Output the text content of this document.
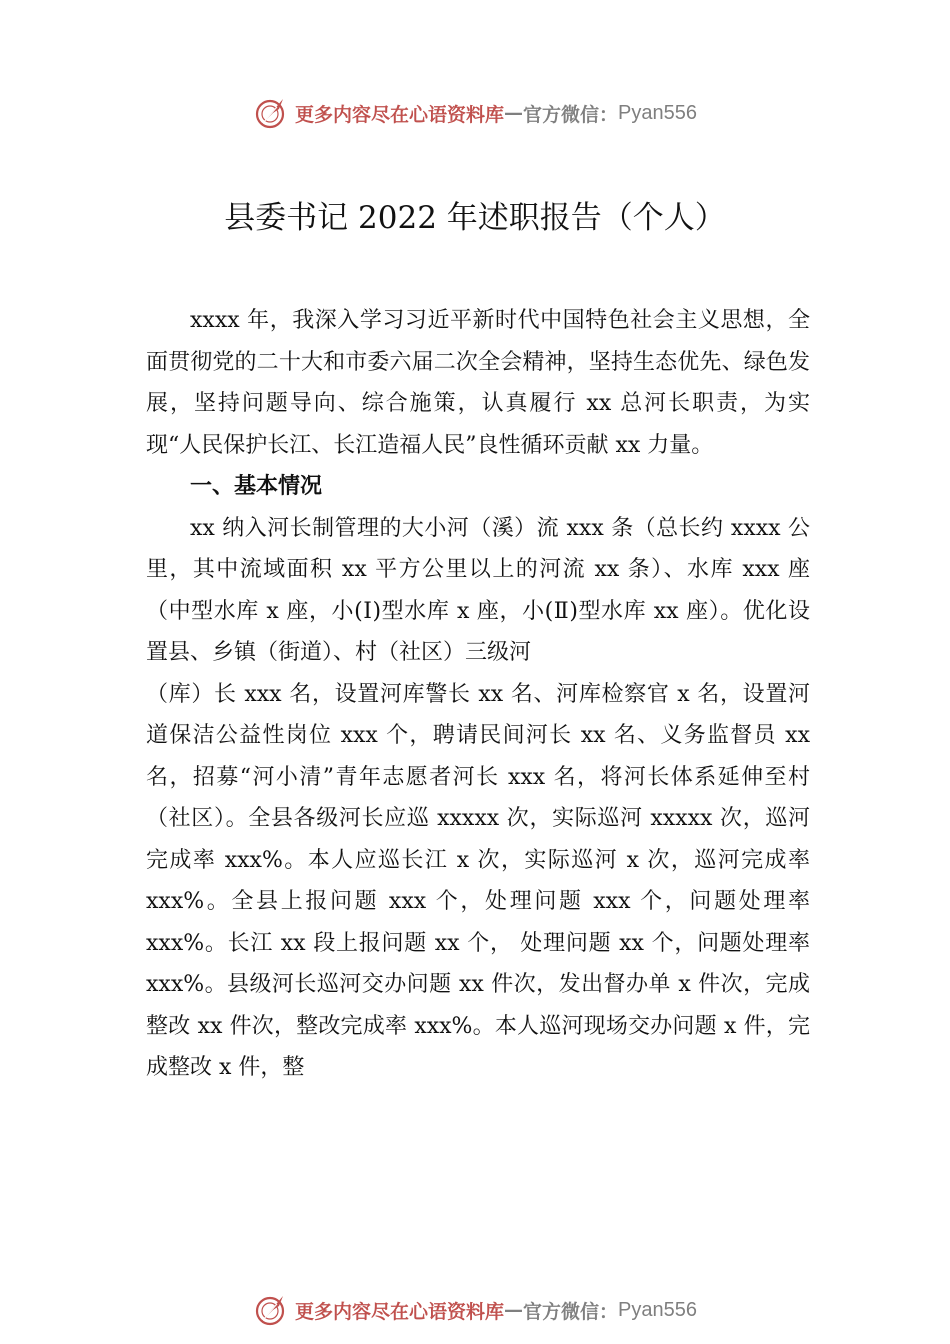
更多内容尽在心语资料库 — 官方微信： Pyan556
县委书记 2022 年述职报告（个人）

xxxx 年，我深入学习习近平新时代中国特色社会主义思想，全面贯彻党的二十大和市委六届二次全会精神，坚持生态优先、绿色发展，坚持问题导向、综合施策，认真履行 xx 总河长职责，为实现“人民保护长江、长江造福人民”良性循环贡献 xx 力量。

一、基本情况

xx 纳入河长制管理的大小河（溪）流 xxx 条（总长约 xxxx 公里，其中流域面积 xx 平方公里以上的河流 xx 条）、水库 xxx 座（中型水库 x 座，小(Ⅰ)型水库 x 座，小(Ⅱ)型水库 xx 座）。优化设置县、乡镇（街道）、村（社区）三级河

（库）长 xxx 名，设置河库警长 xx 名、河库检察官 x 名，设置河道保洁公益性岗位 xxx 个，聘请民间河长 xx 名、义务监督员 xx 名，招募“河小清”青年志愿者河长 xxx 名，将河长体系延伸至村（社区）。全县各级河长应巡 xxxxx 次，实际巡河 xxxxx 次，巡河完成率 xxx%。本人应巡长江 x 次，实际巡河 x 次，巡河完成率 xxx%。全县上报问题 xxx 个，处理问题 xxx 个，问题处理率 xxx%。长江 xx 段上报问题 xx 个， 处理问题 xx 个，问题处理率 xxx%。县级河长巡河交办问题 xx 件次，发出督办单 x 件次，完成整改 xx 件次，整改完成率 xxx%。本人巡河现场交办问题 x 件，完成整改 x 件，整

更多内容尽在心语资料库 — 官方微信： Pyan556
